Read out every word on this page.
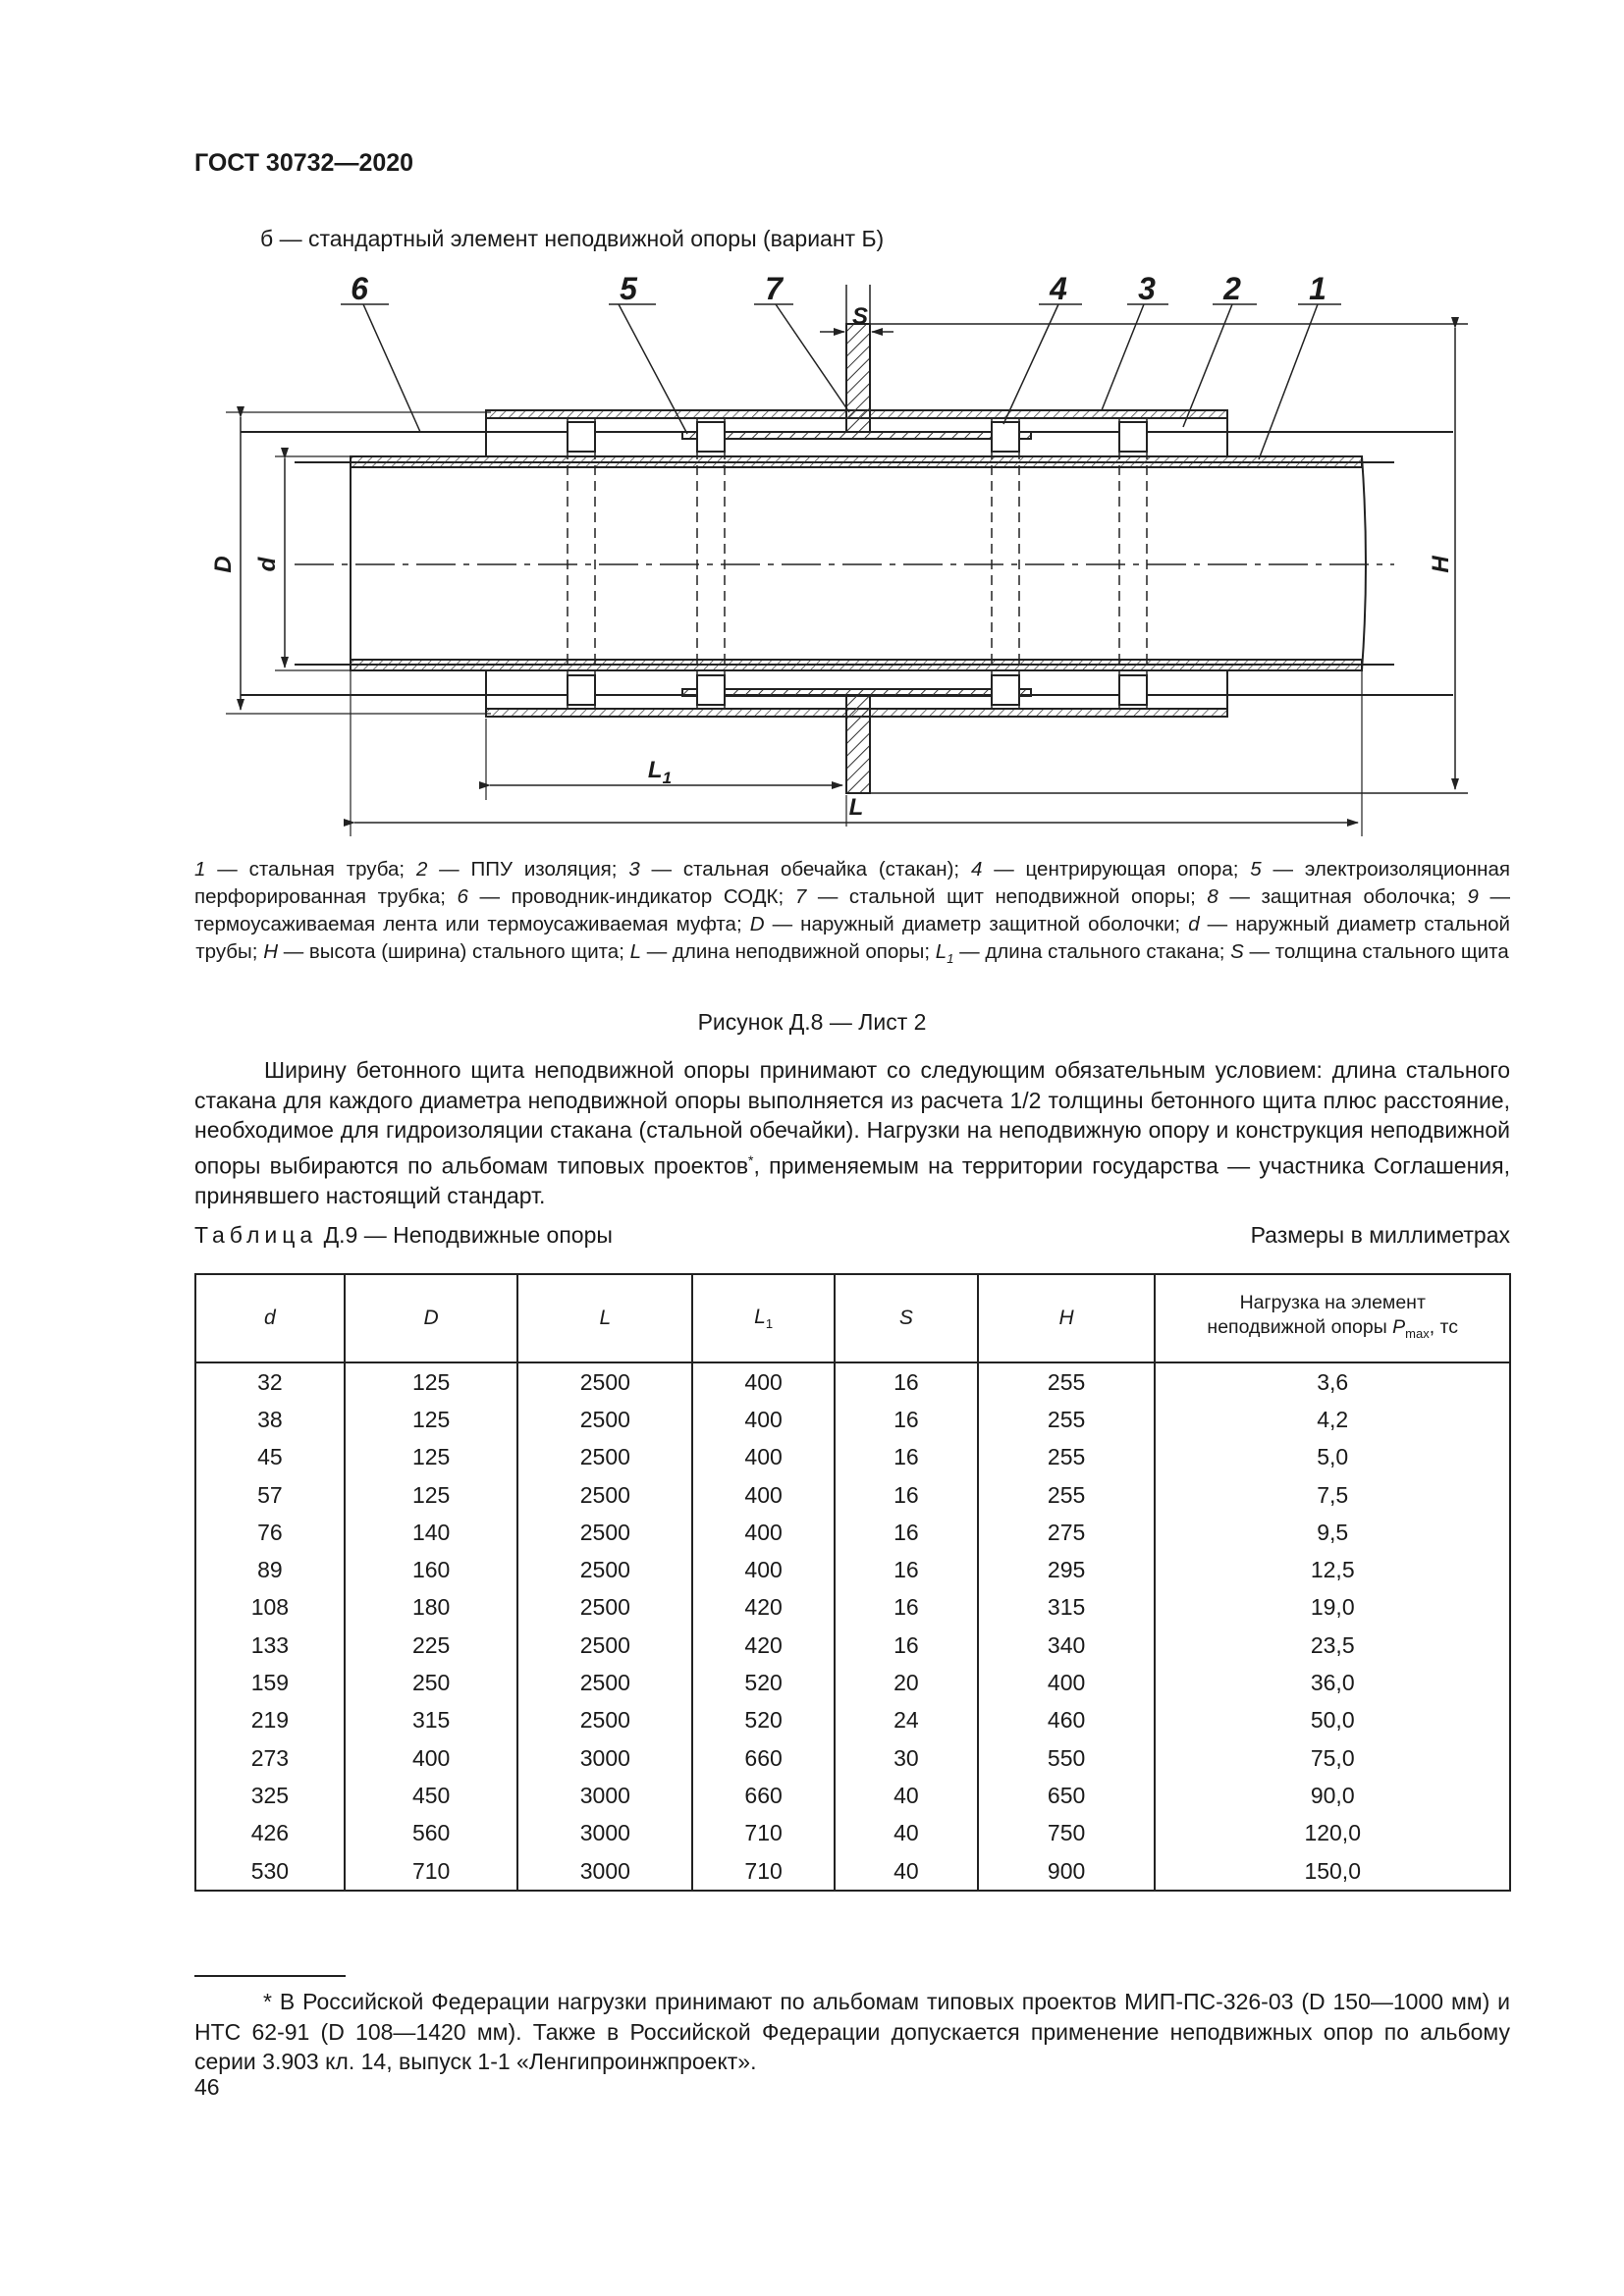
ГОСТ 30732—2020
б — стандартный элемент неподвижной опоры (вариант Б)
6	5	7	4 3 2 1
S
D d	H
$L_1$
L
1 — стальная труба; 2 — ППУ изоляция; 3 — стальная обечайка (стакан); 4 — центрирующая опора; 5 — электроизоляционная перфорированная трубка; 6 — проводник-индикатор СОДК; 7 — стальной щит неподвижной опоры; 8 — защитная оболочка; 9 — термоусаживаемая лента или термоусаживаемая муфта; D — наружный диаметр защитной оболочки; d — наружный диаметр стальной трубы; H — высота (ширина) стального щита; L — длина неподвижной опоры; $L_1$ — длина стального стакана; S — толщина стального щита
Рисунок Д.8 — Лист 2
Ширину бетонного щита неподвижной опоры принимают со следующим обязательным условием: длина стального стакана для каждого диаметра неподвижной опоры выполняется из расчета 1/2 толщины бетонного щита плюс расстояние, необходимое для гидроизоляции стакана (стальной обечайки). Нагрузки на неподвижную опору и конструкция неподвижной опоры выбираются по альбомам типовых проектов*, применяемым на территории государства — участника Соглашения, принявшего настоящий стандарт.
Таблица Д.9 — Неподвижные опоры	Размеры в миллиметрах
d	D	L	$L_1$	S	H	Нагрузка на элемент
неподвижной опоры $P_{max}$, тс
32	125	2500	400	16	255	3,6
38	125	2500	400	16	255	4,2
45	125	2500	400	16	255	5,0
57	125	2500	400	16	255	7,5
76	140	2500	400	16	275	9,5
89	160	2500	400	16	295	12,5
108	180	2500	420	16	315	19,0
133	225	2500	420	16	340	23,5
159	250	2500	520	20	400	36,0
219	315	2500	520	24	460	50,0
273	400	3000	660	30	550	75,0
325	450	3000	660	40	650	90,0
426	560	3000	710	40	750	120,0
530	710	3000	710	40	900	150,0
* В Российской Федерации нагрузки принимают по альбомам типовых проектов МИП-ПС-326-03 (D 150—1000 мм) и НТС 62-91 (D 108—1420 мм). Также в Российской Федерации допускается применение неподвижных опор по альбому серии 3.903 кл. 14, выпуск 1-1 «Ленгипроинжпроект».
46
